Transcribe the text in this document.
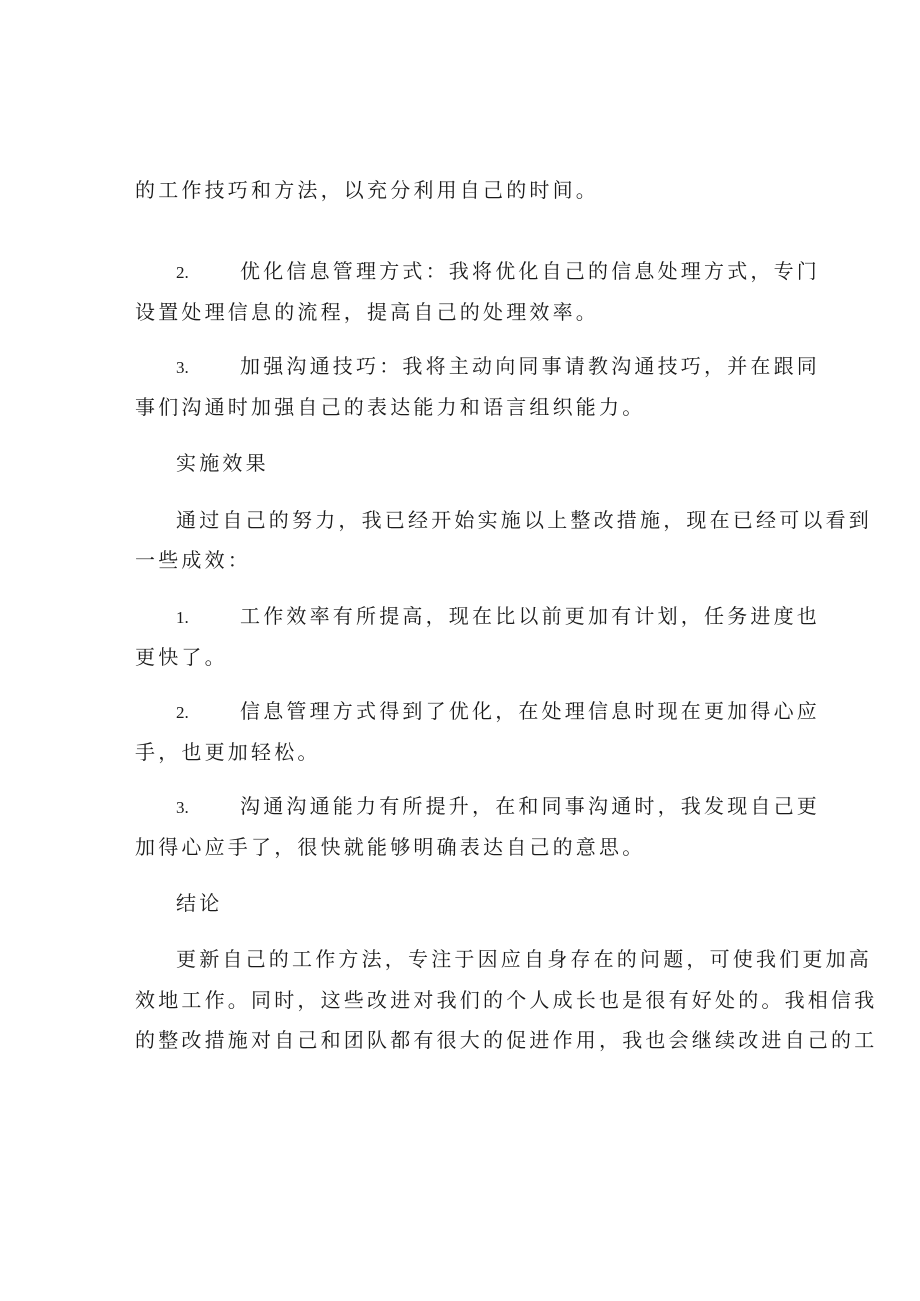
的工作技巧和方法，以充分利用自己的时间。

2.	优化信息管理方式：我将优化自己的信息处理方式，专门

设置处理信息的流程，提高自己的处理效率。

3.	加强沟通技巧：我将主动向同事请教沟通技巧，并在跟同

事们沟通时加强自己的表达能力和语言组织能力。

实施效果

通过自己的努力，我已经开始实施以上整改措施，现在已经可以看到

一些成效：

1.	工作效率有所提高，现在比以前更加有计划，任务进度也

更快了。

2.	信息管理方式得到了优化，在处理信息时现在更加得心应

手，也更加轻松。

3.	沟通沟通能力有所提升，在和同事沟通时，我发现自己更

加得心应手了，很快就能够明确表达自己的意思。

结论

更新自己的工作方法，专注于因应自身存在的问题，可使我们更加高

效地工作。同时，这些改进对我们的个人成长也是很有好处的。我相信我

的整改措施对自己和团队都有很大的促进作用，我也会继续改进自己的工
